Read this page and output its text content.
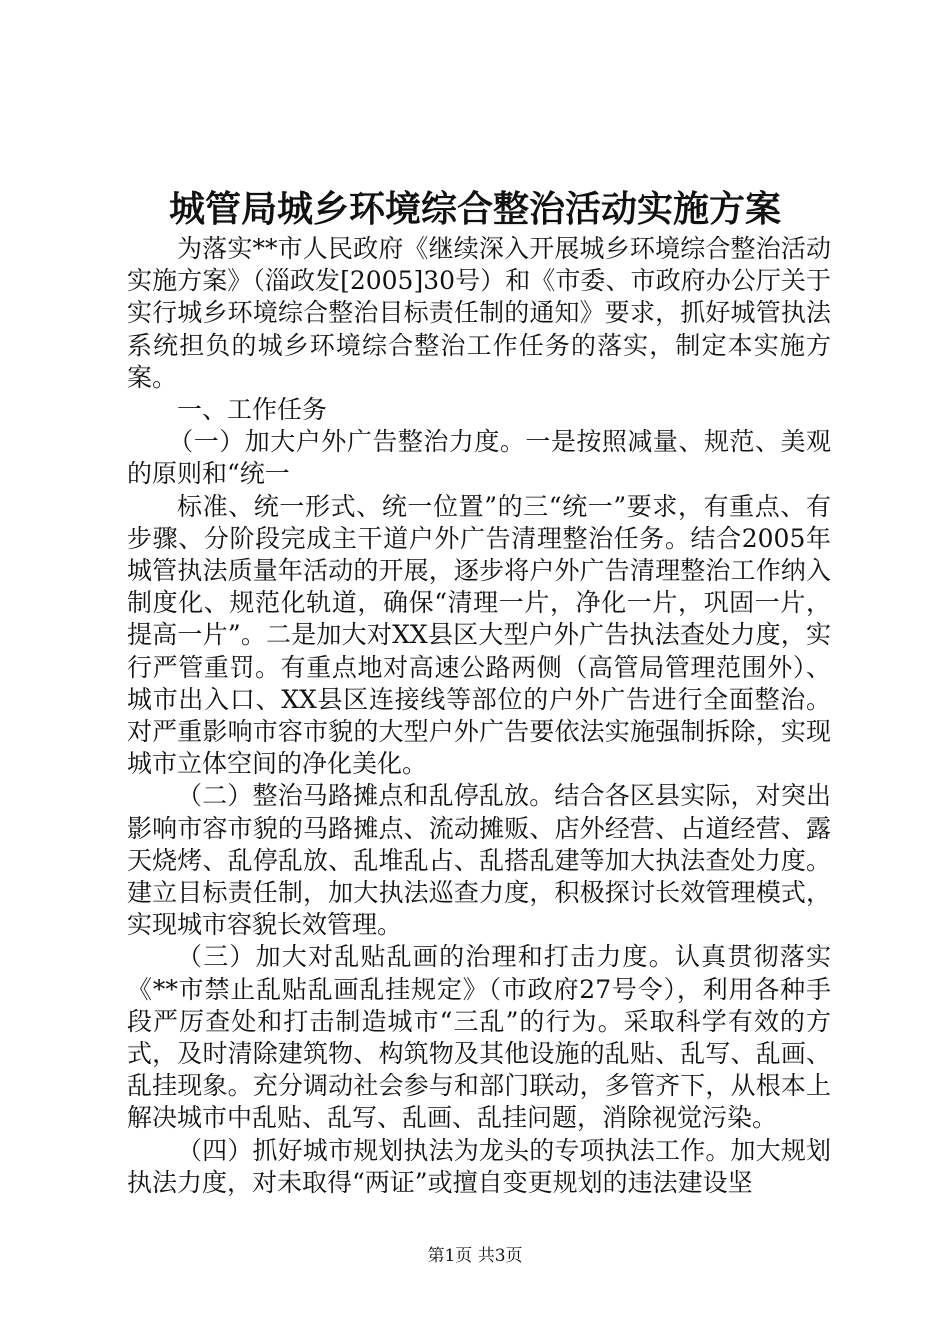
城管局城乡环境综合整治活动实施方案

为落实**市人民政府《继续深入开展城乡环境综合整治活动实施方案》（淄政发[2005]30号）和《市委、市政府办公厅关于实行城乡环境综合整治目标责任制的通知》要求，抓好城管执法系统担负的城乡环境综合整治工作任务的落实，制定本实施方案。

一、工作任务

（一）加大户外广告整治力度。一是按照减量、规范、美观的原则和“统一

标准、统一形式、统一位置”的三“统一”要求，有重点、有步骤、分阶段完成主干道户外广告清理整治任务。结合2005年城管执法质量年活动的开展，逐步将户外广告清理整治工作纳入制度化、规范化轨道，确保“清理一片，净化一片，巩固一片，提高一片”。二是加大对XX县区大型户外广告执法查处力度，实行严管重罚。有重点地对高速公路两侧（高管局管理范围外）、城市出入口、XX县区连接线等部位的户外广告进行全面整治。对严重影响市容市貌的大型户外广告要依法实施强制拆除，实现城市立体空间的净化美化。

（二）整治马路摊点和乱停乱放。结合各区县实际，对突出影响市容市貌的马路摊点、流动摊贩、店外经营、占道经营、露天烧烤、乱停乱放、乱堆乱占、乱搭乱建等加大执法查处力度。建立目标责任制，加大执法巡查力度，积极探讨长效管理模式，实现城市容貌长效管理。

（三）加大对乱贴乱画的治理和打击力度。认真贯彻落实《**市禁止乱贴乱画乱挂规定》（市政府27号令），利用各种手段严厉查处和打击制造城市“三乱”的行为。采取科学有效的方式，及时清除建筑物、构筑物及其他设施的乱贴、乱写、乱画、乱挂现象。充分调动社会参与和部门联动，多管齐下，从根本上解决城市中乱贴、乱写、乱画、乱挂问题，消除视觉污染。

（四）抓好城市规划执法为龙头的专项执法工作。加大规划执法力度，对未取得“两证”或擅自变更规划的违法建设坚

第1页 共3页
